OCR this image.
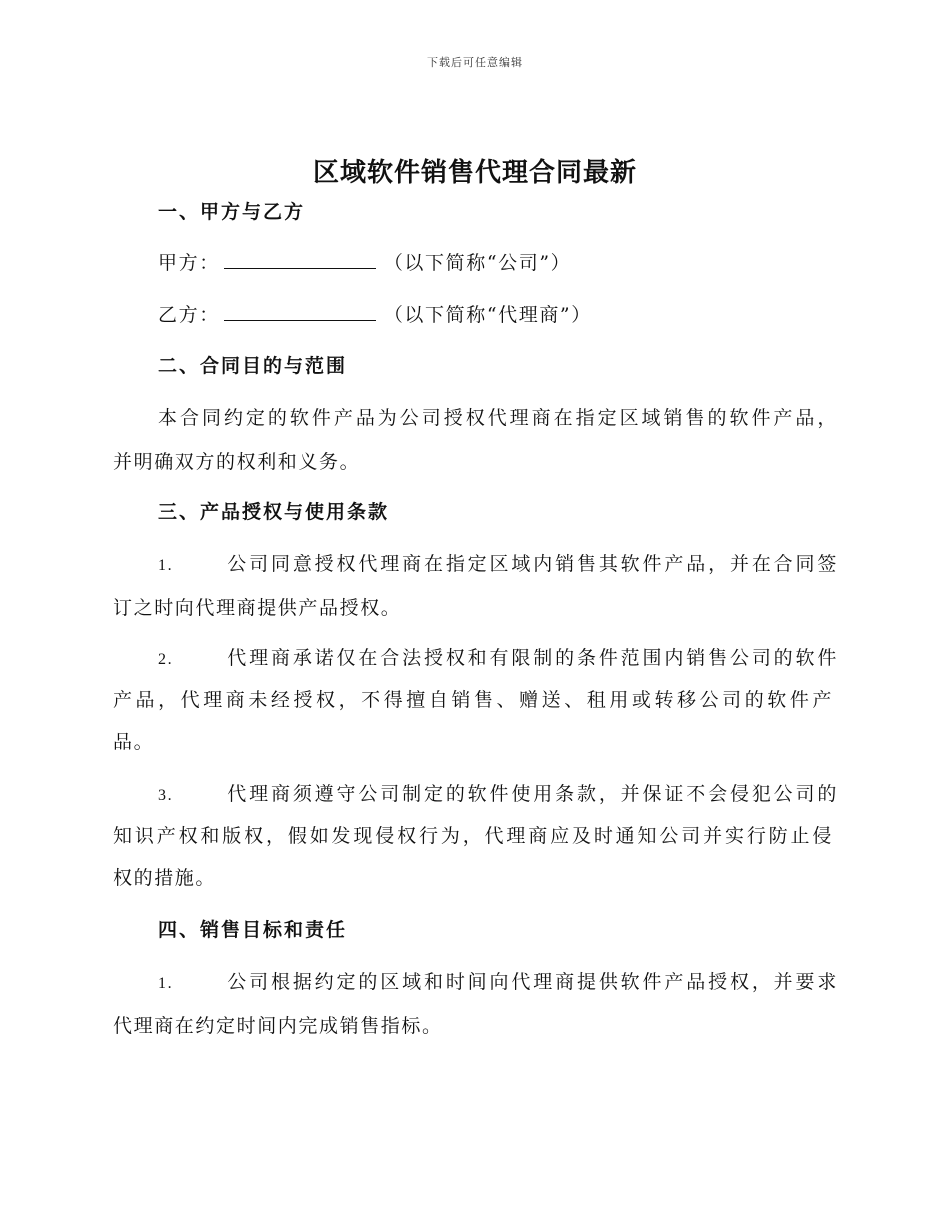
下载后可任意编辑
区域软件销售代理合同最新
一、甲方与乙方
甲方：	（以下简称“公司”）
乙方：	（以下简称“代理商”）
二、合同目的与范围
本合同约定的软件产品为公司授权代理商在指定区域销售的软件产品，
并明确双方的权利和义务。
三、产品授权与使用条款
1.	公司同意授权代理商在指定区域内销售其软件产品，并在合同签
订之时向代理商提供产品授权。
2.	代理商承诺仅在合法授权和有限制的条件范围内销售公司的软件
产品，代理商未经授权，不得擅自销售、赠送、租用或转移公司的软件产
品。
3.	代理商须遵守公司制定的软件使用条款，并保证不会侵犯公司的
知识产权和版权，假如发现侵权行为，代理商应及时通知公司并实行防止侵
权的措施。
四、销售目标和责任
1.	公司根据约定的区域和时间向代理商提供软件产品授权，并要求
代理商在约定时间内完成销售指标。
